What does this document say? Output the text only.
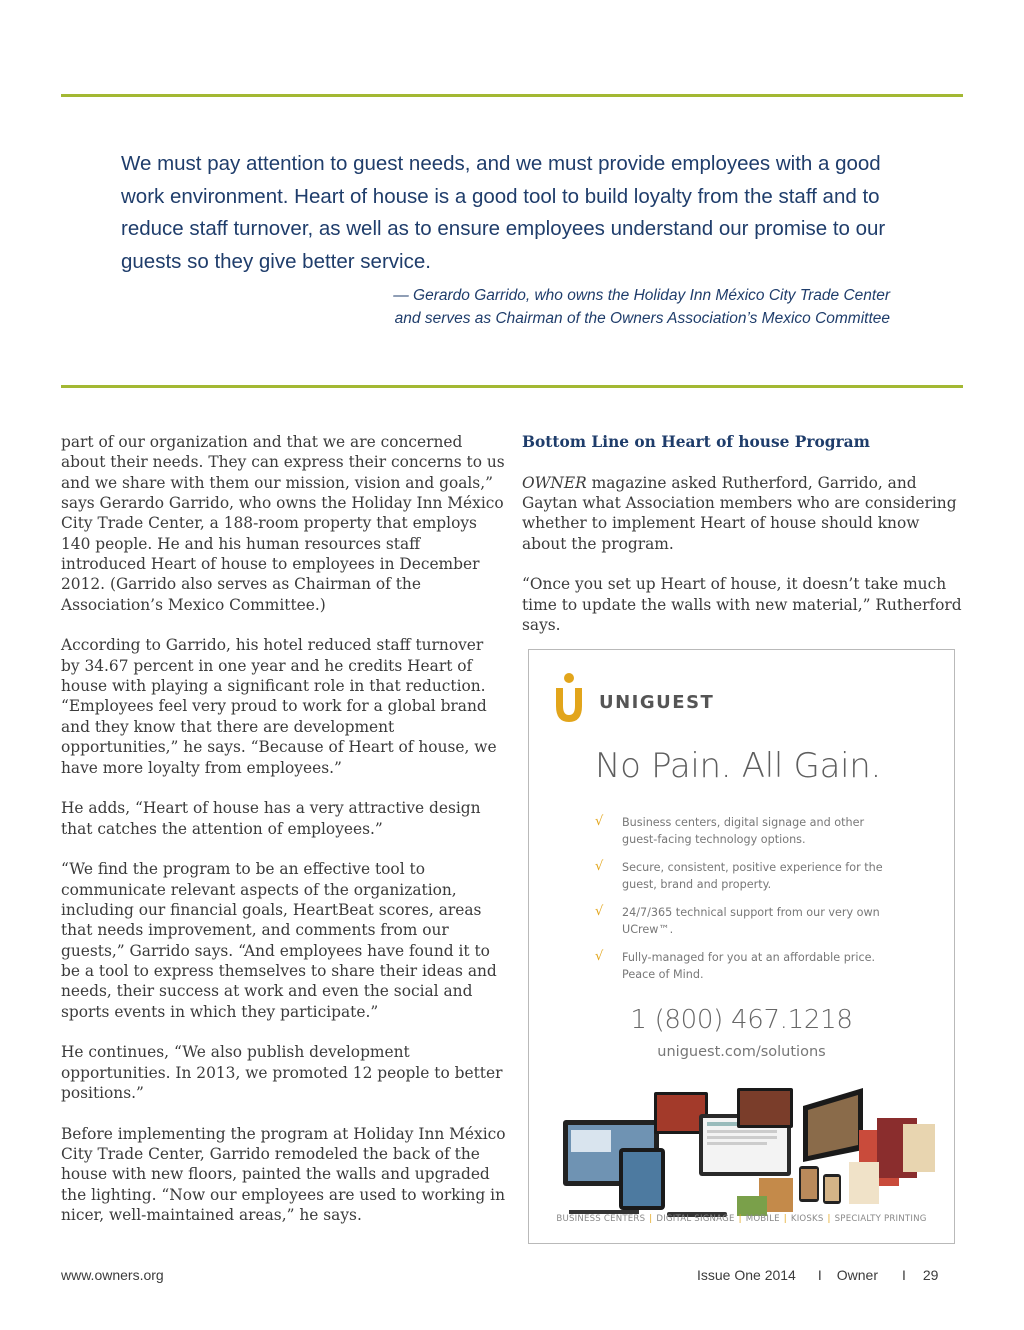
We must pay attention to guest needs, and we must provide employees with a good work environment. Heart of house is a good tool to build loyalty from the staff and to reduce staff turnover, as well as to ensure employees understand our promise to our guests so they give better service.

— Gerardo Garrido, who owns the Holiday Inn México City Trade Center
and serves as Chairman of the Owners Association’s Mexico Committee

part of our organization and that we are concerned about their needs. They can express their concerns to us and we share with them our mission, vision and goals,” says Gerardo Garrido, who owns the Holiday Inn México City Trade Center, a 188-room property that employs 140 people. He and his human resources staff introduced Heart of house to employees in December 2012. (Garrido also serves as Chairman of the Association’s Mexico Committee.)

According to Garrido, his hotel reduced staff turnover by 34.67 percent in one year and he credits Heart of house with playing a significant role in that reduction. “Employees feel very proud to work for a global brand and they know that there are development opportunities,” he says. “Because of Heart of house, we have more loyalty from employees.”

He adds, “Heart of house has a very attractive design that catches the attention of employees.”

“We find the program to be an effective tool to communicate relevant aspects of the organization, including our financial goals, HeartBeat scores, areas that needs improvement, and comments from our guests,” Garrido says. “And employees have found it to be a tool to express themselves to share their ideas and needs, their success at work and even the social and sports events in which they participate.”

He continues, “We also publish development opportunities. In 2013, we promoted 12 people to better positions.”

Before implementing the program at Holiday Inn México City Trade Center, Garrido remodeled the back of the house with new floors, painted the walls and upgraded the lighting. “Now our employees are used to working in nicer, well-maintained areas,” he says.

Bottom Line on Heart of house Program

OWNER magazine asked Rutherford, Garrido, and Gaytan what Association members who are considering whether to implement Heart of house should know about the program.

“Once you set up Heart of house, it doesn’t take much time to update the walls with new material,” Rutherford says.

UNIGUEST
No Pain. All Gain.
√ Business centers, digital signage and other guest-facing technology options.
√ Secure, consistent, positive experience for the guest, brand and property.
√ 24/7/365 technical support from our very own UCrew™.
√ Fully-managed for you at an affordable price. Peace of Mind.
1 (800) 467.1218
uniguest.com/solutions
BUSINESS CENTERS | DIGITAL SIGNAGE | MOBILE | KIOSKS | SPECIALTY PRINTING
www.owners.org	Issue One 2014 I Owner I 29
